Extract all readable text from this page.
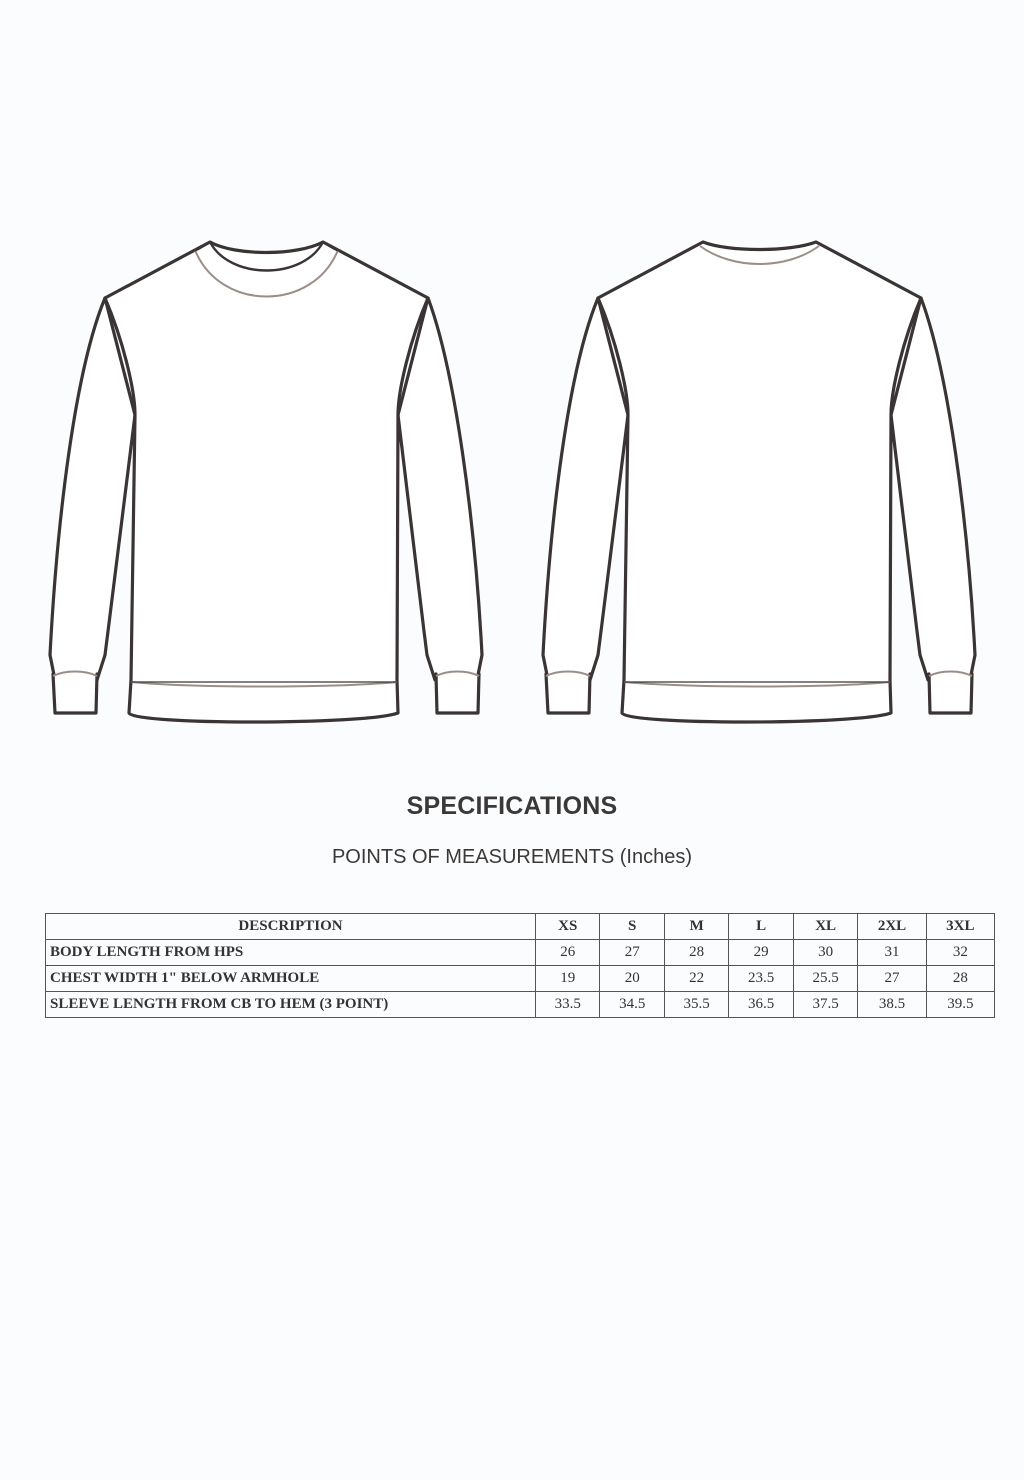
SPECIFICATIONS
POINTS OF MEASUREMENTS (Inches)
DESCRIPTION	XS	S	M	L	XL	2XL	3XL
BODY LENGTH FROM HPS	26	27	28	29	30	31	32
CHEST WIDTH 1" BELOW ARMHOLE	19	20	22	23.5	25.5	27	28
SLEEVE LENGTH FROM CB TO HEM (3 POINT)	33.5	34.5	35.5	36.5	37.5	38.5	39.5
